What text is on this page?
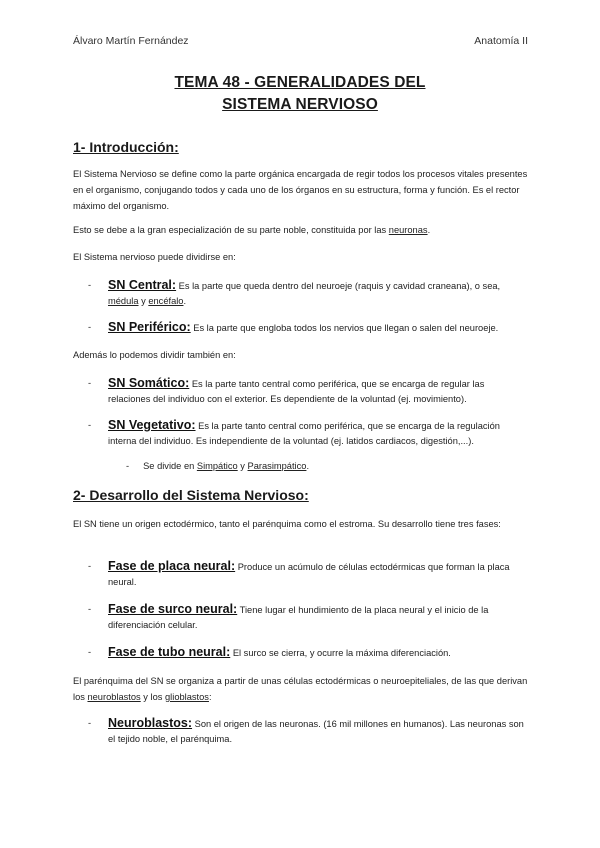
Álvaro Martín Fernández	Anatomía II
TEMA 48 - GENERALIDADES DEL
SISTEMA NERVIOSO
1- Introducción:
El Sistema Nervioso se define como la parte orgánica encargada de regir todos los procesos vitales presentes en el organismo, conjugando todos y cada uno de los órganos en su estructura, forma y función. Es el rector máximo del organismo.
Esto se debe a la gran especialización de su parte noble, constituida por las neuronas.
El Sistema nervioso puede dividirse en:
- SN Central: Es la parte que queda dentro del neuroeje (raquis y cavidad craneana), o sea, médula y encéfalo.
- SN Periférico: Es la parte que engloba todos los nervios que llegan o salen del neuroeje.
Además lo podemos dividir también en:
- SN Somático: Es la parte tanto central como periférica, que se encarga de regular las relaciones del individuo con el exterior. Es dependiente de la voluntad (ej. movimiento).
- SN Vegetativo: Es la parte tanto central como periférica, que se encarga de la regulación interna del individuo. Es independiente de la voluntad (ej. latidos cardiacos, digestión,...).
- Se divide en Simpático y Parasimpático.
2- Desarrollo del Sistema Nervioso:
El SN tiene un origen ectodérmico, tanto el parénquima como el estroma. Su desarrollo tiene tres fases:
- Fase de placa neural: Produce un acúmulo de células ectodérmicas que forman la placa neural.
- Fase de surco neural: Tiene lugar el hundimiento de la placa neural y el inicio de la diferenciación celular.
- Fase de tubo neural: El surco se cierra, y ocurre la máxima diferenciación.
El parénquima del SN se organiza a partir de unas células ectodérmicas o neuroepiteliales, de las que derivan los neuroblastos y los glioblastos:
- Neuroblastos: Son el origen de las neuronas. (16 mil millones en humanos). Las neuronas son el tejido noble, el parénquima.
